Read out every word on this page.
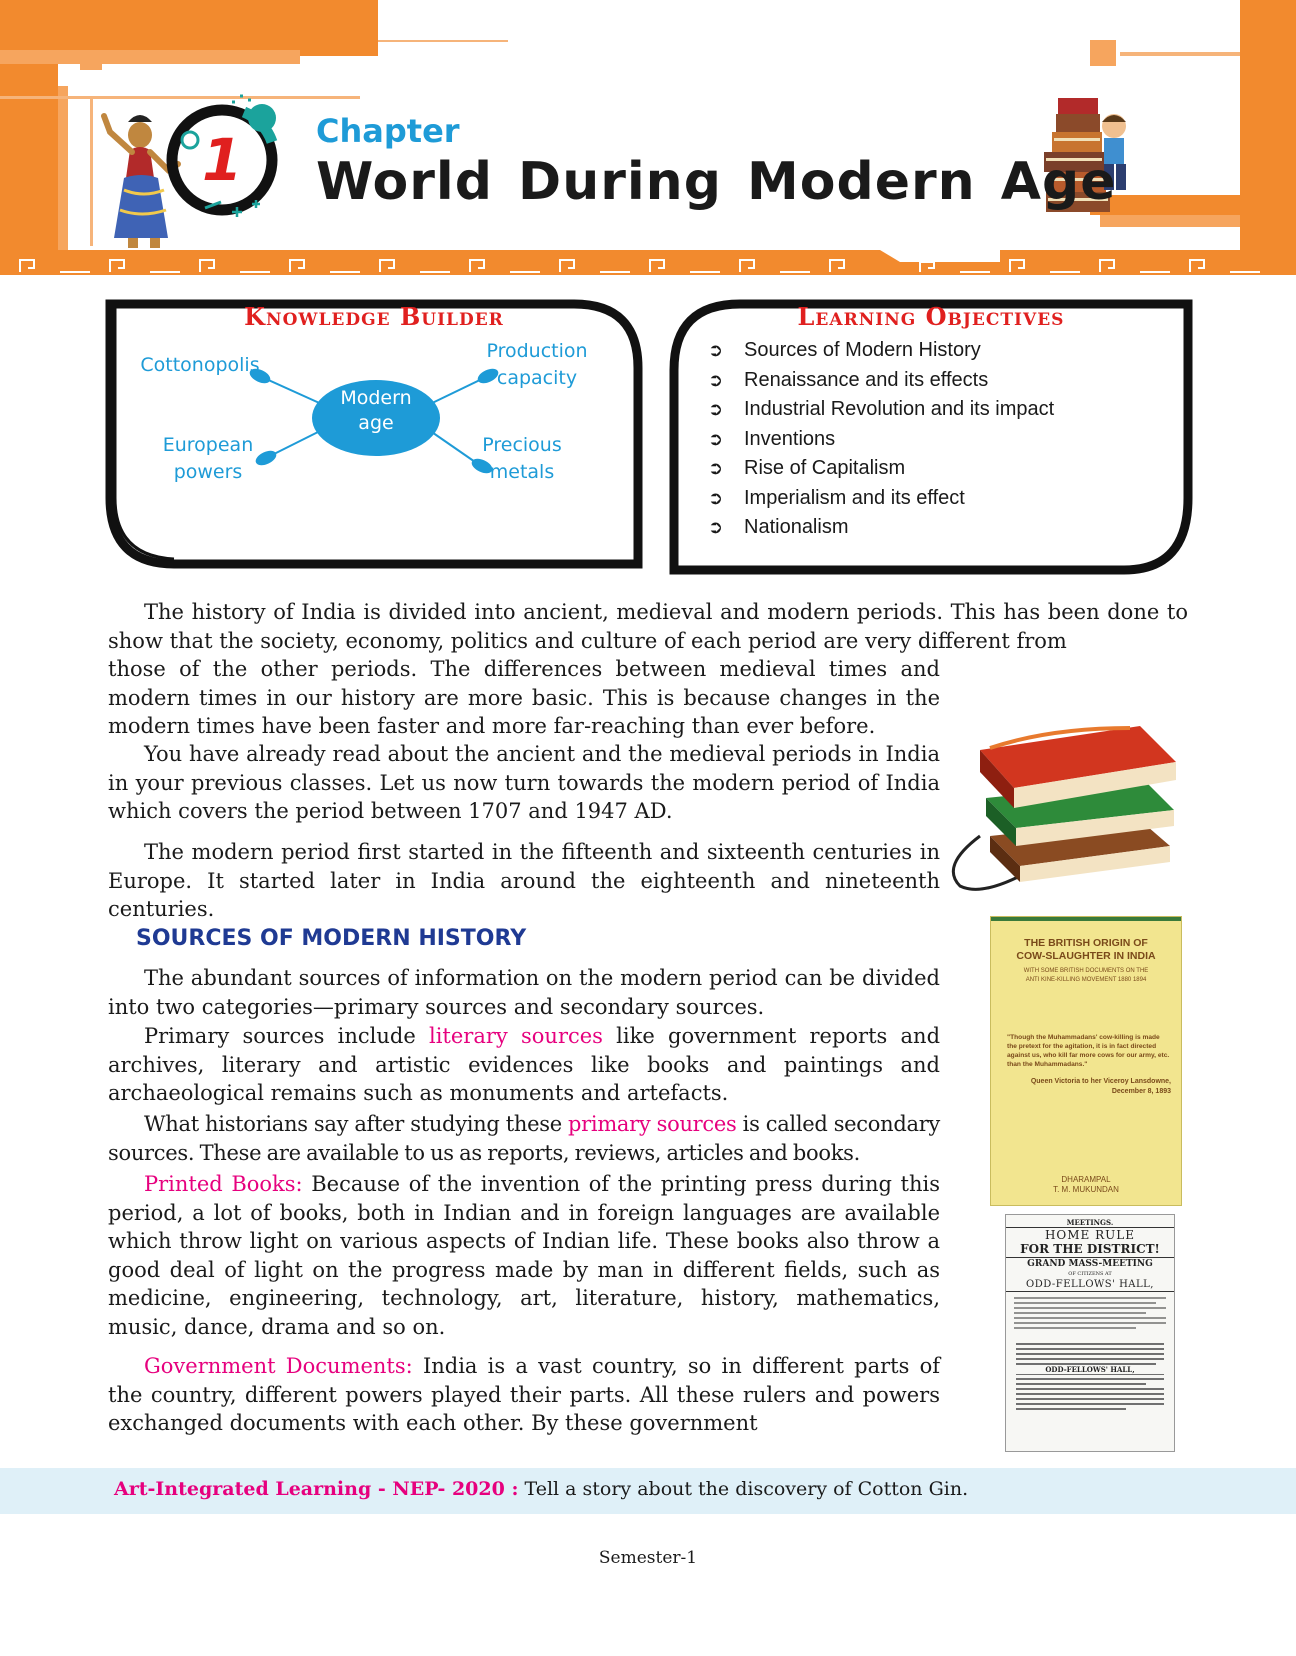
Chapter
1 World During Modern Age
Knowledge Builder
Modern
age
Cottonopolis
Production
capacity
European
powers
Precious
metals
Learning Objectives
➲ Sources of Modern History
➲ Renaissance and its effects
➲ Industrial Revolution and its impact
➲ Inventions
➲ Rise of Capitalism
➲ Imperialism and its effect
➲ Nationalism
The history of India is divided into ancient, medieval and modern periods. This has been done to show that the society, economy, politics and culture of each period are very different from
those of the other periods. The differences between medieval times and modern times in our history are more basic. This is because changes in the modern times have been faster and more far-reaching than ever before.
You have already read about the ancient and the medieval periods in India in your previous classes. Let us now turn towards the modern period of India which covers the period between 1707 and 1947 AD.
The modern period first started in the fifteenth and sixteenth centuries in Europe. It started later in India around the eighteenth and nineteenth centuries.
SOURCES OF MODERN HISTORY
The abundant sources of information on the modern period can be divided into two categories—primary sources and secondary sources.
Primary sources include literary sources like government reports and archives, literary and artistic evidences like books and paintings and archaeological remains such as monuments and artefacts.
What historians say after studying these primary sources is called secondary sources. These are available to us as reports, reviews, articles and books.
Printed Books: Because of the invention of the printing press during this period, a lot of books, both in Indian and in foreign languages are available which throw light on various aspects of Indian life. These books also throw a good deal of light on the progress made by man in different fields, such as medicine, engineering, technology, art, literature, history, mathematics, music, dance, drama and so on.
Government Documents: India is a vast country, so in different parts of the country, different powers played their parts. All these rulers and powers exchanged documents with each other. By these government
THE BRITISH ORIGIN OF
COW-SLAUGHTER IN INDIA
WITH SOME BRITISH DOCUMENTS ON THE
ANTI KINE-KILLING MOVEMENT 1880 1894
"Though the Muhammadans' cow-killing is made
the pretext for the agitation, it is in fact directed
against us, who kill far more cows for our army, etc.
than the Muhammadans."
Queen Victoria to her Viceroy Lansdowne,
December 8, 1893
DHARAMPAL
T. M. MUKUNDAN
MEETINGS.
HOME RULE
FOR THE DISTRICT!
GRAND MASS-MEETING
OF CITIZENS AT
ODD-FELLOWS' HALL,
ODD-FELLOWS' HALL,
Art-Integrated Learning - NEP- 2020 : Tell a story about the discovery of Cotton Gin.
Semester-1
